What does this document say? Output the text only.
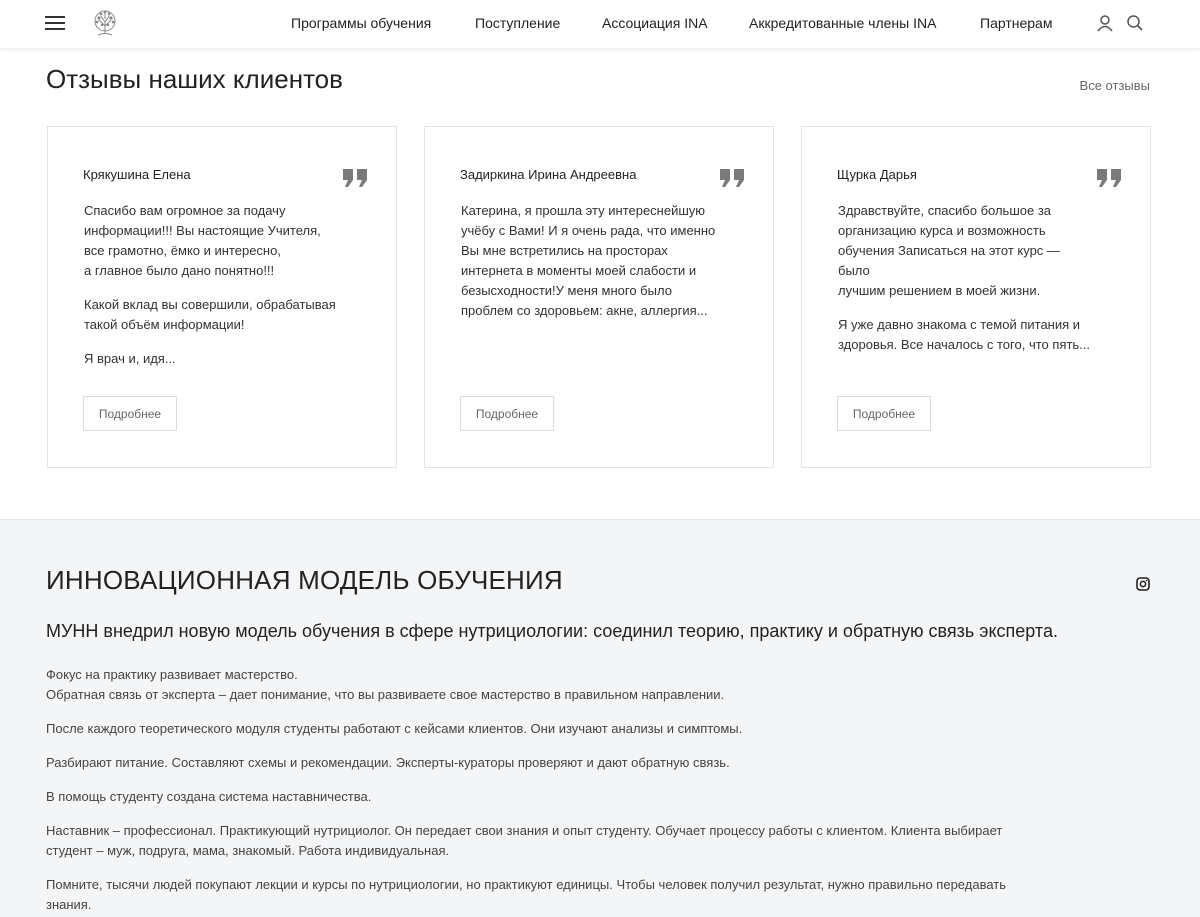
Программы обучения	Поступление	Ассоциация INA	Аккредитованные члены INA	Партнерам
Отзывы наших клиентов	Все отзывы
Крякушина Елена

Спасибо вам огромное за подачу
информации!!! Вы настоящие Учителя,
все грамотно, ёмко и интересно,
а главное было дано понятно!!!

Какой вклад вы совершили, обрабатывая
такой объём информации!

Я врач и, идя...

Подробнее
Задиркина Ирина Андреевна

Катерина, я прошла эту интереснейшую
учёбу с Вами! И я очень рада, что именно
Вы мне встретились на просторах
интернета в моменты моей слабости и
безысходности!У меня много было
проблем со здоровьем: акне, аллергия...

Подробнее
Щурка Дарья

Здравствуйте, спасибо большое за
организацию курса и возможность
обучения Записаться на этот курс —
было
лучшим решением в моей жизни.

Я уже давно знакома с темой питания и
здоровья. Все началось с того, что пять...

Подробнее
ИННОВАЦИОННАЯ МОДЕЛЬ ОБУЧЕНИЯ
МУНН внедрил новую модель обучения в сфере нутрициологии: соединил теорию, практику и обратную связь эксперта.

Фокус на практику развивает мастерство.
Обратная связь от эксперта – дает понимание, что вы развиваете свое мастерство в правильном направлении.

После каждого теоретического модуля студенты работают с кейсами клиентов. Они изучают анализы и симптомы.

Разбирают питание. Составляют схемы и рекомендации. Эксперты-кураторы проверяют и дают обратную связь.

В помощь студенту создана система наставничества.

Наставник – профессионал. Практикующий нутрициолог. Он передает свои знания и опыт студенту. Обучает процессу работы с клиентом. Клиента выбирает
студент – муж, подруга, мама, знакомый. Работа индивидуальная.

Помните, тысячи людей покупают лекции и курсы по нутрициологии, но практикуют единицы. Чтобы человек получил результат, нужно правильно передавать
знания.
